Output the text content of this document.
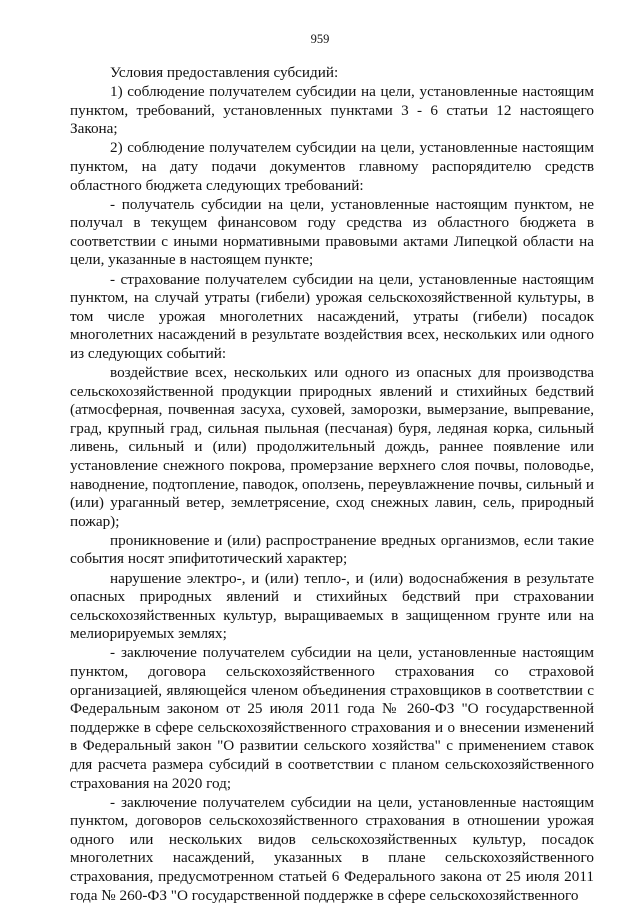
959

Условия предоставления субсидий:

1) соблюдение получателем субсидии на цели, установленные настоящим пунктом, требований, установленных пунктами 3 - 6 статьи 12 настоящего Закона;

2) соблюдение получателем субсидии на цели, установленные настоящим пунктом, на дату подачи документов главному распорядителю средств областного бюджета следующих требований:

- получатель субсидии на цели, установленные настоящим пунктом, не получал в текущем финансовом году средства из областного бюджета в соответствии с иными нормативными правовыми актами Липецкой области на цели, указанные в настоящем пункте;

- страхование получателем субсидии на цели, установленные настоящим пунктом, на случай утраты (гибели) урожая сельскохозяйственной культуры, в том числе урожая многолетних насаждений, утраты (гибели) посадок многолетних насаждений в результате воздействия всех, нескольких или одного из следующих событий:

воздействие всех, нескольких или одного из опасных для производства сельскохозяйственной продукции природных явлений и стихийных бедствий (атмосферная, почвенная засуха, суховей, заморозки, вымерзание, выпревание, град, крупный град, сильная пыльная (песчаная) буря, ледяная корка, сильный ливень, сильный и (или) продолжительный дождь, раннее появление или установление снежного покрова, промерзание верхнего слоя почвы, половодье, наводнение, подтопление, паводок, оползень, переувлажнение почвы, сильный и (или) ураганный ветер, землетрясение, сход снежных лавин, сель, природный пожар);

проникновение и (или) распространение вредных организмов, если такие события носят эпифитотический характер;

нарушение электро-, и (или) тепло-, и (или) водоснабжения в результате опасных природных явлений и стихийных бедствий при страховании сельскохозяйственных культур, выращиваемых в защищенном грунте или на мелиорируемых землях;

- заключение получателем субсидии на цели, установленные настоящим пунктом, договора сельскохозяйственного страхования со страховой организацией, являющейся членом объединения страховщиков в соответствии с Федеральным законом от 25 июля 2011 года № 260-ФЗ "О государственной поддержке в сфере сельскохозяйственного страхования и о внесении изменений в Федеральный закон "О развитии сельского хозяйства" с применением ставок для расчета размера субсидий в соответствии с планом сельскохозяйственного страхования на 2020 год;

- заключение получателем субсидии на цели, установленные настоящим пунктом, договоров сельскохозяйственного страхования в отношении урожая одного или нескольких видов сельскохозяйственных культур, посадок многолетних насаждений, указанных в плане сельскохозяйственного страхования, предусмотренном статьей 6 Федерального закона от 25 июля 2011 года № 260-ФЗ "О государственной поддержке в сфере сельскохозяйственного
